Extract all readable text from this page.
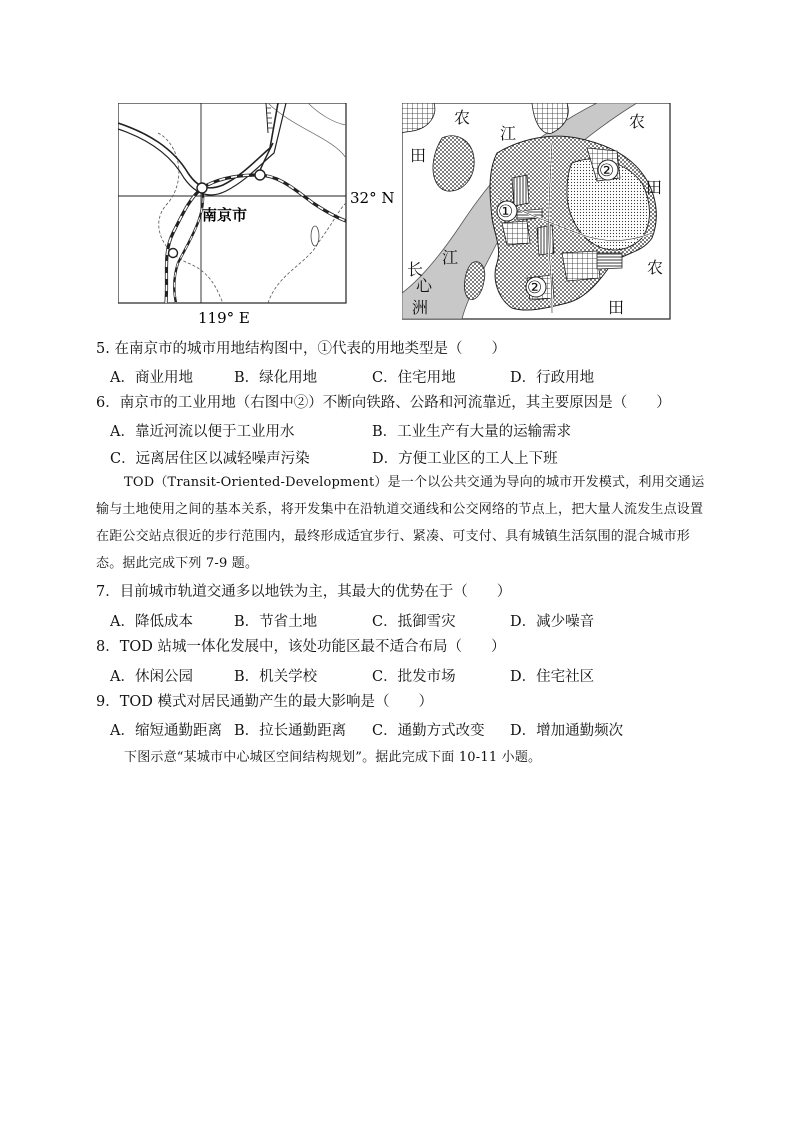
南京市
32° N
119° E
①
②
②
农
田
江
农
田
长
心
洲
江
农
田
5. 在南京市的城市用地结构图中，①代表的用地类型是（　　）
A．商业用地	B．绿化用地	C．住宅用地	D．行政用地
6．南京市的工业用地（右图中②）不断向铁路、公路和河流靠近，其主要原因是（　　）
A．靠近河流以便于工业用水	B．工业生产有大量的运输需求
C．远离居住区以减轻噪声污染	D．方便工业区的工人上下班
TOD（Transit-Oriented-Development）是一个以公共交通为导向的城市开发模式，利用交通运输与土地使用之间的基本关系，将开发集中在沿轨道交通线和公交网络的节点上，把大量人流发生点设置在距公交站点很近的步行范围内，最终形成适宜步行、紧凑、可支付、具有城镇生活氛围的混合城市形态。据此完成下列 7-9 题。
7．目前城市轨道交通多以地铁为主，其最大的优势在于（　　）
A．降低成本	B．节省土地	C．抵御雪灾	D．减少噪音
8．TOD 站城一体化发展中，该处功能区最不适合布局（　　）
A．休闲公园	B．机关学校	C．批发市场	D．住宅社区
9．TOD 模式对居民通勤产生的最大影响是（　　）
A．缩短通勤距离 B．拉长通勤距离 C．通勤方式改变 D．增加通勤频次
下图示意“某城市中心城区空间结构规划”。据此完成下面 10-11 小题。
